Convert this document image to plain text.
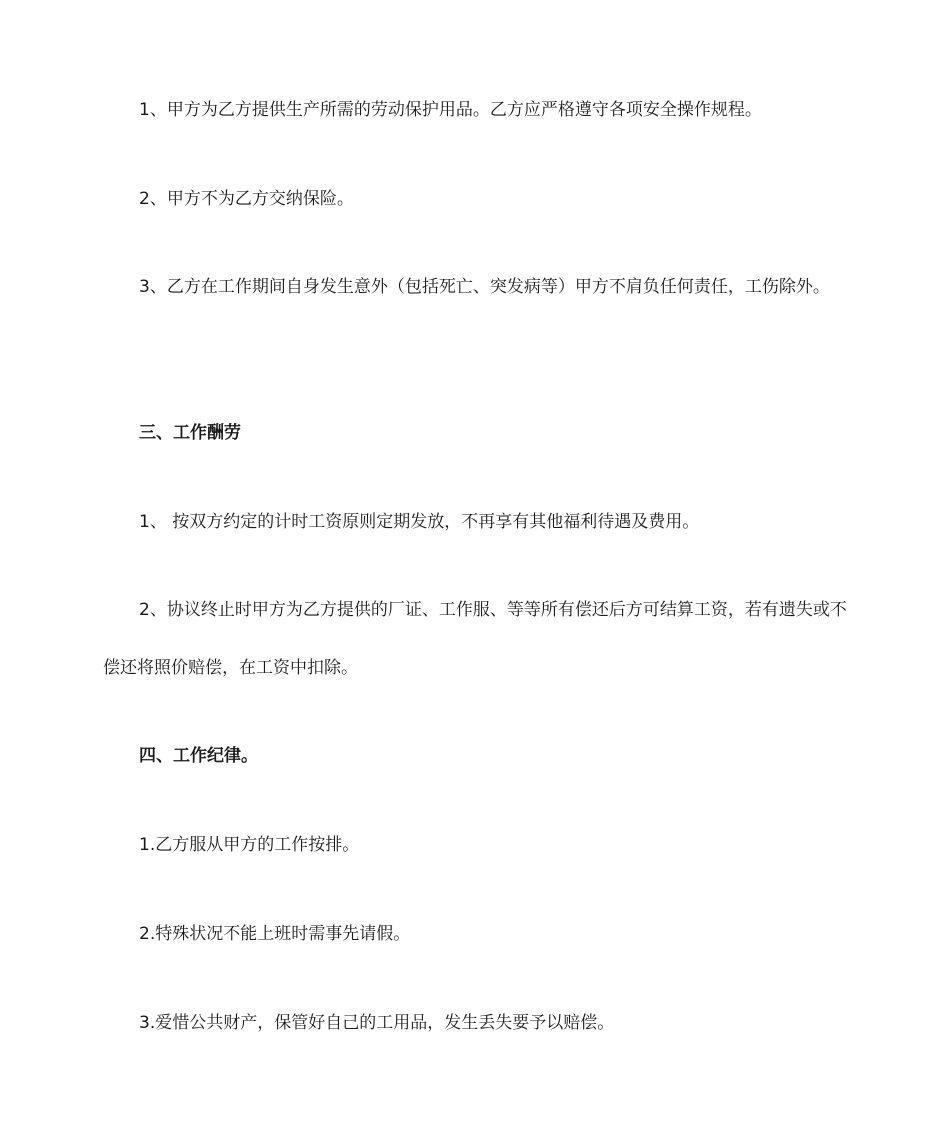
1、甲方为乙方提供生产所需的劳动保护用品。乙方应严格遵守各项安全操作规程。

2、甲方不为乙方交纳保险。

3、乙方在工作期间自身发生意外（包括死亡、突发病等）甲方不肩负任何责任，工伤除外。

三、工作酬劳

1、 按双方约定的计时工资原则定期发放，不再享有其他福利待遇及费用。

2、协议终止时甲方为乙方提供的厂证、工作服、等等所有偿还后方可结算工资，若有遗失或不偿还将照价赔偿，在工资中扣除。

四、工作纪律。

1.乙方服从甲方的工作按排。

2.特殊状况不能上班时需事先请假。

3.爱惜公共财产，保管好自己的工用品，发生丢失要予以赔偿。
